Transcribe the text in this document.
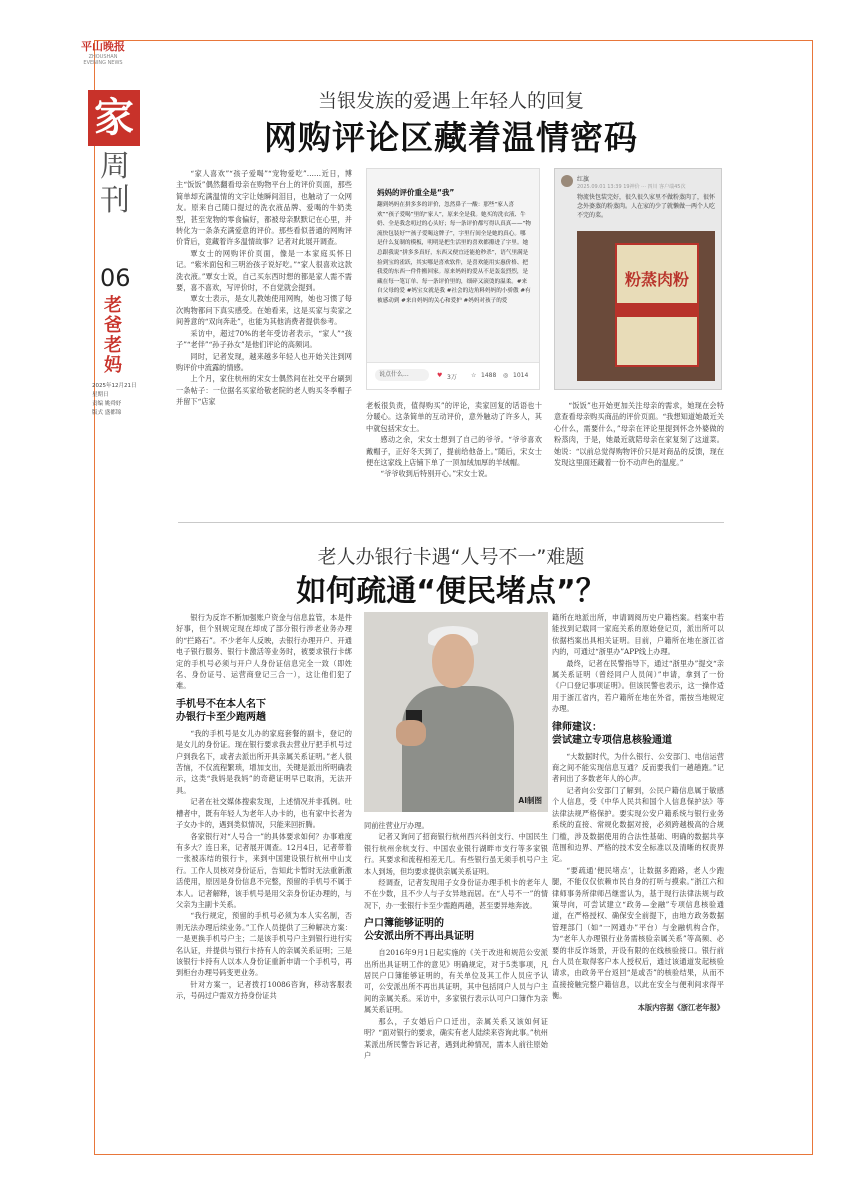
平山晚报
ZHOUSHAN
EVENING NEWS
家
周刊
06
老爸老妈
2025年12月21日
星期日
责编 姚舜妤
版式 盛都锦
当银发族的爱遇上年轻人的回复
网购评论区藏着温情密码

“家人喜欢”“孩子爱喝”“宠物爱吃”……近日，博主“饭饭”偶然翻看母亲在购物平台上的评价页面，那些简单却充满温情的文字让她瞬间泪目，也触动了一众网友。原来自己随口提过的洗衣液品牌、爱喝的牛奶类型，甚至宠物的零食偏好，都被母亲默默记在心里，并转化为一条条充满爱意的评价。那些看似普通的网购评价背后，竟藏着许多温情故事？记者对此展开调查。

覃女士的网购评价页面，像是一本家庭买怀日记。“紫米面包和三明治孩子说好吃。”“家人很喜欢这款洗衣液。”覃女士说，自己买东西时想的都是家人需不需要，喜不喜欢，写评价时，不自觉就会提到。

覃女士表示，是女儿教她使用网购，她也习惯了每次购物都问下真实感受。在她看来，这是买家与卖家之间善意的“双向奔赴”，也能为其他消费者提供参考。

采访中，超过70%的老年受访者表示，“家人”“孩子”“老伴”“孙子孙女”是他们评论的高频词。

同时，记者发现，越来越多年轻人也开始关注到网购评价中流露的情感。

上个月，家住杭州的宋女士偶然间在社交平台刷到一条帖子：一位据名买家给敬老院的老人购买冬季帽子并留下“店家

妈妈的评价重全是“我”
翻到妈妈在拼多多的评价，忽然鼻子一酸：那些“家人喜欢”“孩子爱喝”里的“家人”，原来全是我。她买的洗衣液、牛奶、全是我念叨过的心头好；每一条评价都写得认真真——“物流快包装好”“孩子爱喝这牌子”，字里行间全是她的真心。哪是什么复制的模板，明明是把生活里的喜欢都攥进了字里。她总跟我说“拼多多真好，东西又便宜还能抢秒杀”，语气里满是捡到宝的雀跃，其实哪是喜欢软件，是喜欢能用实惠价格、把我爱的东西一件件搬回家。原来妈妈的爱从不是轰轰烈烈，是藏在每一笔订单、每一条评价里的，细碎又滚烫的温柔。#来自父母的爱 #妈宝女就是我 #社会的边角料妈妈的小骄傲 #有被感动到 #来自妈妈的关心和爱护 #妈妈对孩子的爱
说点什么...	♥ 3万 ☆ 1488 ◎ 1014

老板很负责，值得购买”的评论，卖家回复的话语也十分暖心。这条简单的互动评价，意外触动了许多人，其中就包括宋女士。

感动之余，宋女士想到了自己的爷爷。“爷爷喜欢戴帽子，正好冬天到了，提前给他备上。”随后，宋女士便在这家线上店铺下单了一顶加绒加厚的羊绒帽。

“爷爷收到后特别开心。”宋女士说。

红旗
2025.09.01 13:39 19神价 ··· 四川 客户端45次
物流快包装完好，很久很久家里不做粉蒸肉了，很怀念外婆蒸的粉蒸肉。人在家的少了就懒做一两个人吃不完的菜。
粉蒸肉粉

“饭饭”也开始更加关注母亲的需求，她现在会特意查看母亲购买商品的评价页面。“我想知道她最近关心什么，需要什么，”母亲在评论里提到怀念外婆做的粉蒸肉，于是，她最近就陪母亲在家复刻了这道菜。她说：“以前总觉得购物评价只是对商品的反馈，现在发现这里面还藏着一份不动声色的温度。”

老人办银行卡遇“人号不一”难题
如何疏通“便民堵点”？

银行为反诈不断加强账户资金与信息监管，本是件好事，但个别规定现在却成了部分银行涉老业务办理的“拦路石”。不少老年人反映，去银行办理开户、开通电子银行服务、银行卡激活等业务时，被要求银行卡绑定的手机号必须与开户人身份证信息完全一致（即姓名、身份证号、运营商登记三合一），这让他们犯了难。

手机号不在本人名下
办银行卡至少跑两趟

“我的手机号是女儿办的家庭套餐的副卡，登记的是女儿的身份证。现在银行要求我去营业厅把手机号过户到我名下，或者去派出所开具亲属关系证明。”老人很苦恼，不仅流程繁琐，增加支出，关键是派出所明确表示，这类“我妈是我妈”的奇葩证明早已取消，无法开具。

记者在社交媒体搜索发现，上述情况并非孤例。吐槽者中，既有年轻人为老年人办卡的，也有家中长者为子女办卡的，遇到类似情况，只能来回折腾。

各家银行对“人号合一”的具体要求如何？办事难度有多大？连日来，记者展开调查。12月4日，记者带着一张被冻结的银行卡，来到中国建设银行杭州中山支行。工作人员核对身份证后，告知此卡暂时无法重新激活使用，原因是身份信息不完整，预留的手机号不属于本人。记者解释，该手机号是用父亲身份证办理的，与父亲为主副卡关系。

“我行规定，预留的手机号必须为本人实名制，否则无法办理后续业务。”工作人员提供了三种解决方案：一是更换手机号户主；二是该手机号户主到银行进行实名认证，并提供与银行卡持有人的亲属关系证明；三是该银行卡持有人以本人身份证重新申请一个手机号，再到柜台办理号码变更业务。

针对方案一，记者拨打10086咨询，移动客服表示，号码过户需双方持身份证共

AI制图

同前往营业厅办理。

记者又询问了招商银行杭州西兴科创支行、中国民生银行杭州余杭支行、中国农业银行湖畔市支行等多家银行。其要求和流程相差无几。有些银行虽无须手机号户主本人到场，但均要求提供亲属关系证明。

经调查，记者发现用子女身份证办理手机卡的老年人不在少数，且不少人与子女异地而居。在“人号不一”的情况下，办一张银行卡至少需跑两趟，甚至要异地奔波。

户口簿能够证明的
公安派出所不再出具证明

自2016年9月1日起实施的《关于改进和规范公安派出所出具证明工作的意见》明确规定，对于5类事项，凡居民户口簿能够证明的，有关单位及其工作人员应予认可，公安派出所不再出具证明，其中包括同户人员与户主间的亲属关系。采访中，多家银行表示认可户口簿作为亲属关系证明。

那么，子女婚后户口迁出，亲属关系又该如何证明？“面对银行的要求，确实有老人陆续来咨询此事。”杭州某派出所民警告诉记者，遇到此种情况，需本人前往原始户

籍所在地派出所，申请调阅历史户籍档案。档案中若能找到记载同一家庭关系的原始登记页，派出所可以依据档案出具相关证明。目前，户籍所在地在浙江省内的，可通过“浙里办”APP线上办理。

最终，记者在民警指导下，通过“浙里办”提交“亲属关系证明（曾经同户人员间）”申请，拿到了一份《户口登记事项证明》。但该民警也表示，这一操作适用于浙江省内，若户籍所在地在外省，需按当地规定办理。

律师建议：
尝试建立专项信息核验通道

“大数据时代，为什么银行、公安部门、电信运营商之间不能实现信息互通？反而要我们一趟趟跑。”记者问出了多数老年人的心声。

记者向公安部门了解到，公民户籍信息属于敏感个人信息，受《中华人民共和国个人信息保护法》等法律法规严格保护。要实现公安户籍系统与银行业务系统的直接、常规化数据对接，必须跨越极高的合规门槛，涉及数据使用的合法性基础、明确的数据共享范围和边界、严格的技术安全标准以及清晰的权责界定。

“要疏通‘便民堵点’，让数据多跑路，老人少跑腿，不能仅仅依赖市民自身的打听与摸索。”浙江六和律师事务所律师吕继雷认为，基于现行法律法规与政策导向，可尝试建立“政务—金融”专项信息核验通道，在严格授权、确保安全前提下，由地方政务数据管理部门（如“一网通办”平台）与金融机构合作，为“老年人办理银行业务需核验亲属关系”等高频、必要的非反诈场景，开设有限的在线核验接口。银行前台人员在取得客户本人授权后，通过该通道发起核验请求，由政务平台返回“是或否”的核验结果，从而不直接接触完整户籍信息，以此在安全与便利间求得平衡。

本版内容据《浙江老年报》
